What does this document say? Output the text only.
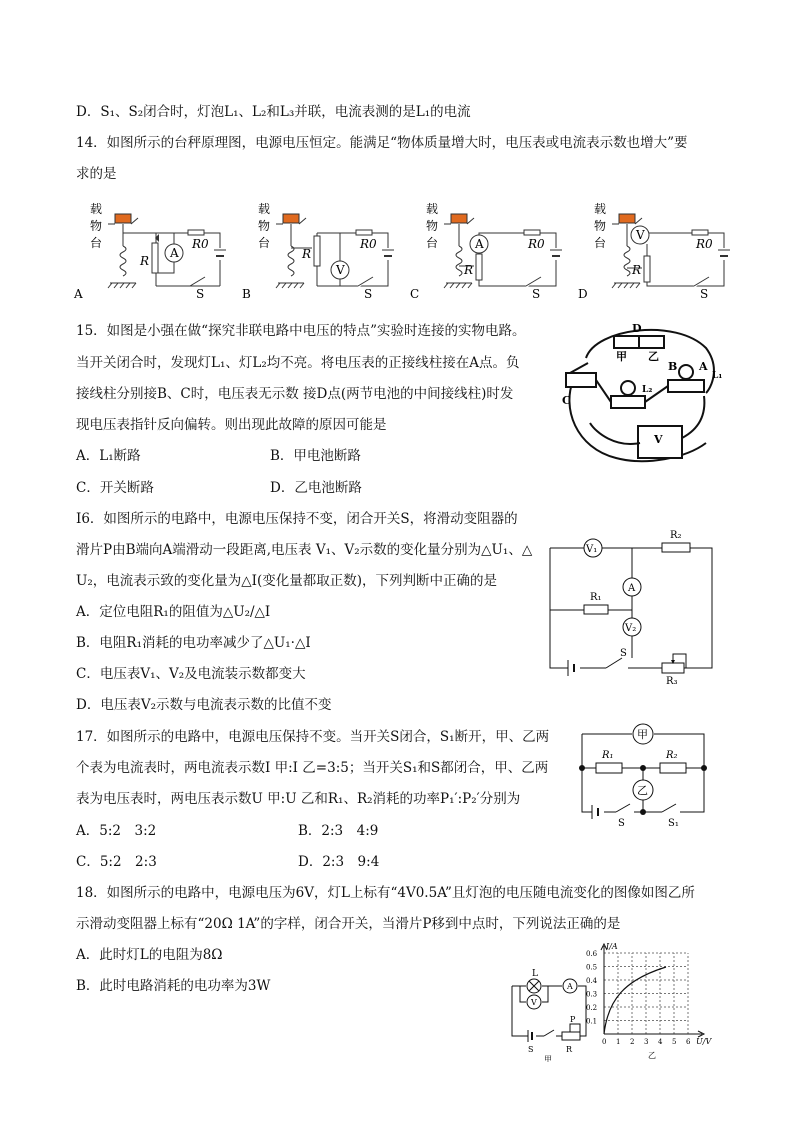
D．S₁、S₂闭合时，灯泡L₁、L₂和L₃并联，电流表测的是L₁的电流
14．如图所示的台秤原理图，电源电压恒定。能满足“物体质量增大时，电压表或电流表示数也增大”要
求的是
载
物
台
R
A
R0
S
A
载
物
台
R
V
R0
S
B
载
物
台
R
A	R0
S
C
载
物
台
V
R
R0
S
D
15．如图是小强在做“探究非联电路中电压的特点”实验时连接的实物电路。
当开关闭合时，发现灯L₁、灯L₂均不亮。将电压表的正接线柱接在A点。负
接线柱分别接B、C时，电压表无示数 接D点(两节电池的中间接线柱)时发
现电压表指针反向偏转。则出现此故障的原因可能是
A．L₁断路	B．甲电池断路
C．开关断路	D．乙电池断路
D
甲 乙
C
L₂
B A
L₁
V
I6．如图所示的电路中，电源电压保持不变，闭合开关S，将滑动变阻器的
滑片P由B端向A端滑动一段距离,电压表 V₁、V₂示数的变化量分别为△U₁、△
U₂，电流表示致的变化量为△I(变化量都取正数)，下列判断中正确的是
A．定位电阻R₁的阻值为△U₂/△I
B．电阻R₁消耗的电功率减少了△U₁·△I
C．电压表V₁、V₂及电流装示数都变大
D．电压表V₂示数与电流表示数的比值不变
V₁
R₂
A
R₁
V₂
R₃
S
17．如图所示的电路中，电源电压保持不变。当开关S闭合，S₁断开，甲、乙两
个表为电流表时，两电流表示数I 甲:I 乙=3:5；当开关S₁和S都闭合，甲、乙两
表为电压表时，两电压表示数U 甲:U 乙和R₁、R₂消耗的功率P₁′:P₂′分别为
A．5:2　3:2	B．2:3　4:9
C．5:2　2:3	D．2:3　9:4
甲
R₁	R₂
乙
S	S₁
18．如图所示的电路中，电源电压为6V，灯L上标有“4V0.5A”且灯泡的电压随电流变化的图像如图乙所
示滑动变阻器上标有“20Ω 1A”的字样，闭合开关，当滑片P移到中点时，下列说法正确的是
A．此时灯L的电阻为8Ω
B．此时电路消耗的电功率为3W
L
A
V
S
P
R
甲
I/A
U/V
0.6
0.5
0.4
0.3
0.2
0.1
0 1 2 3 4 5 6
乙
